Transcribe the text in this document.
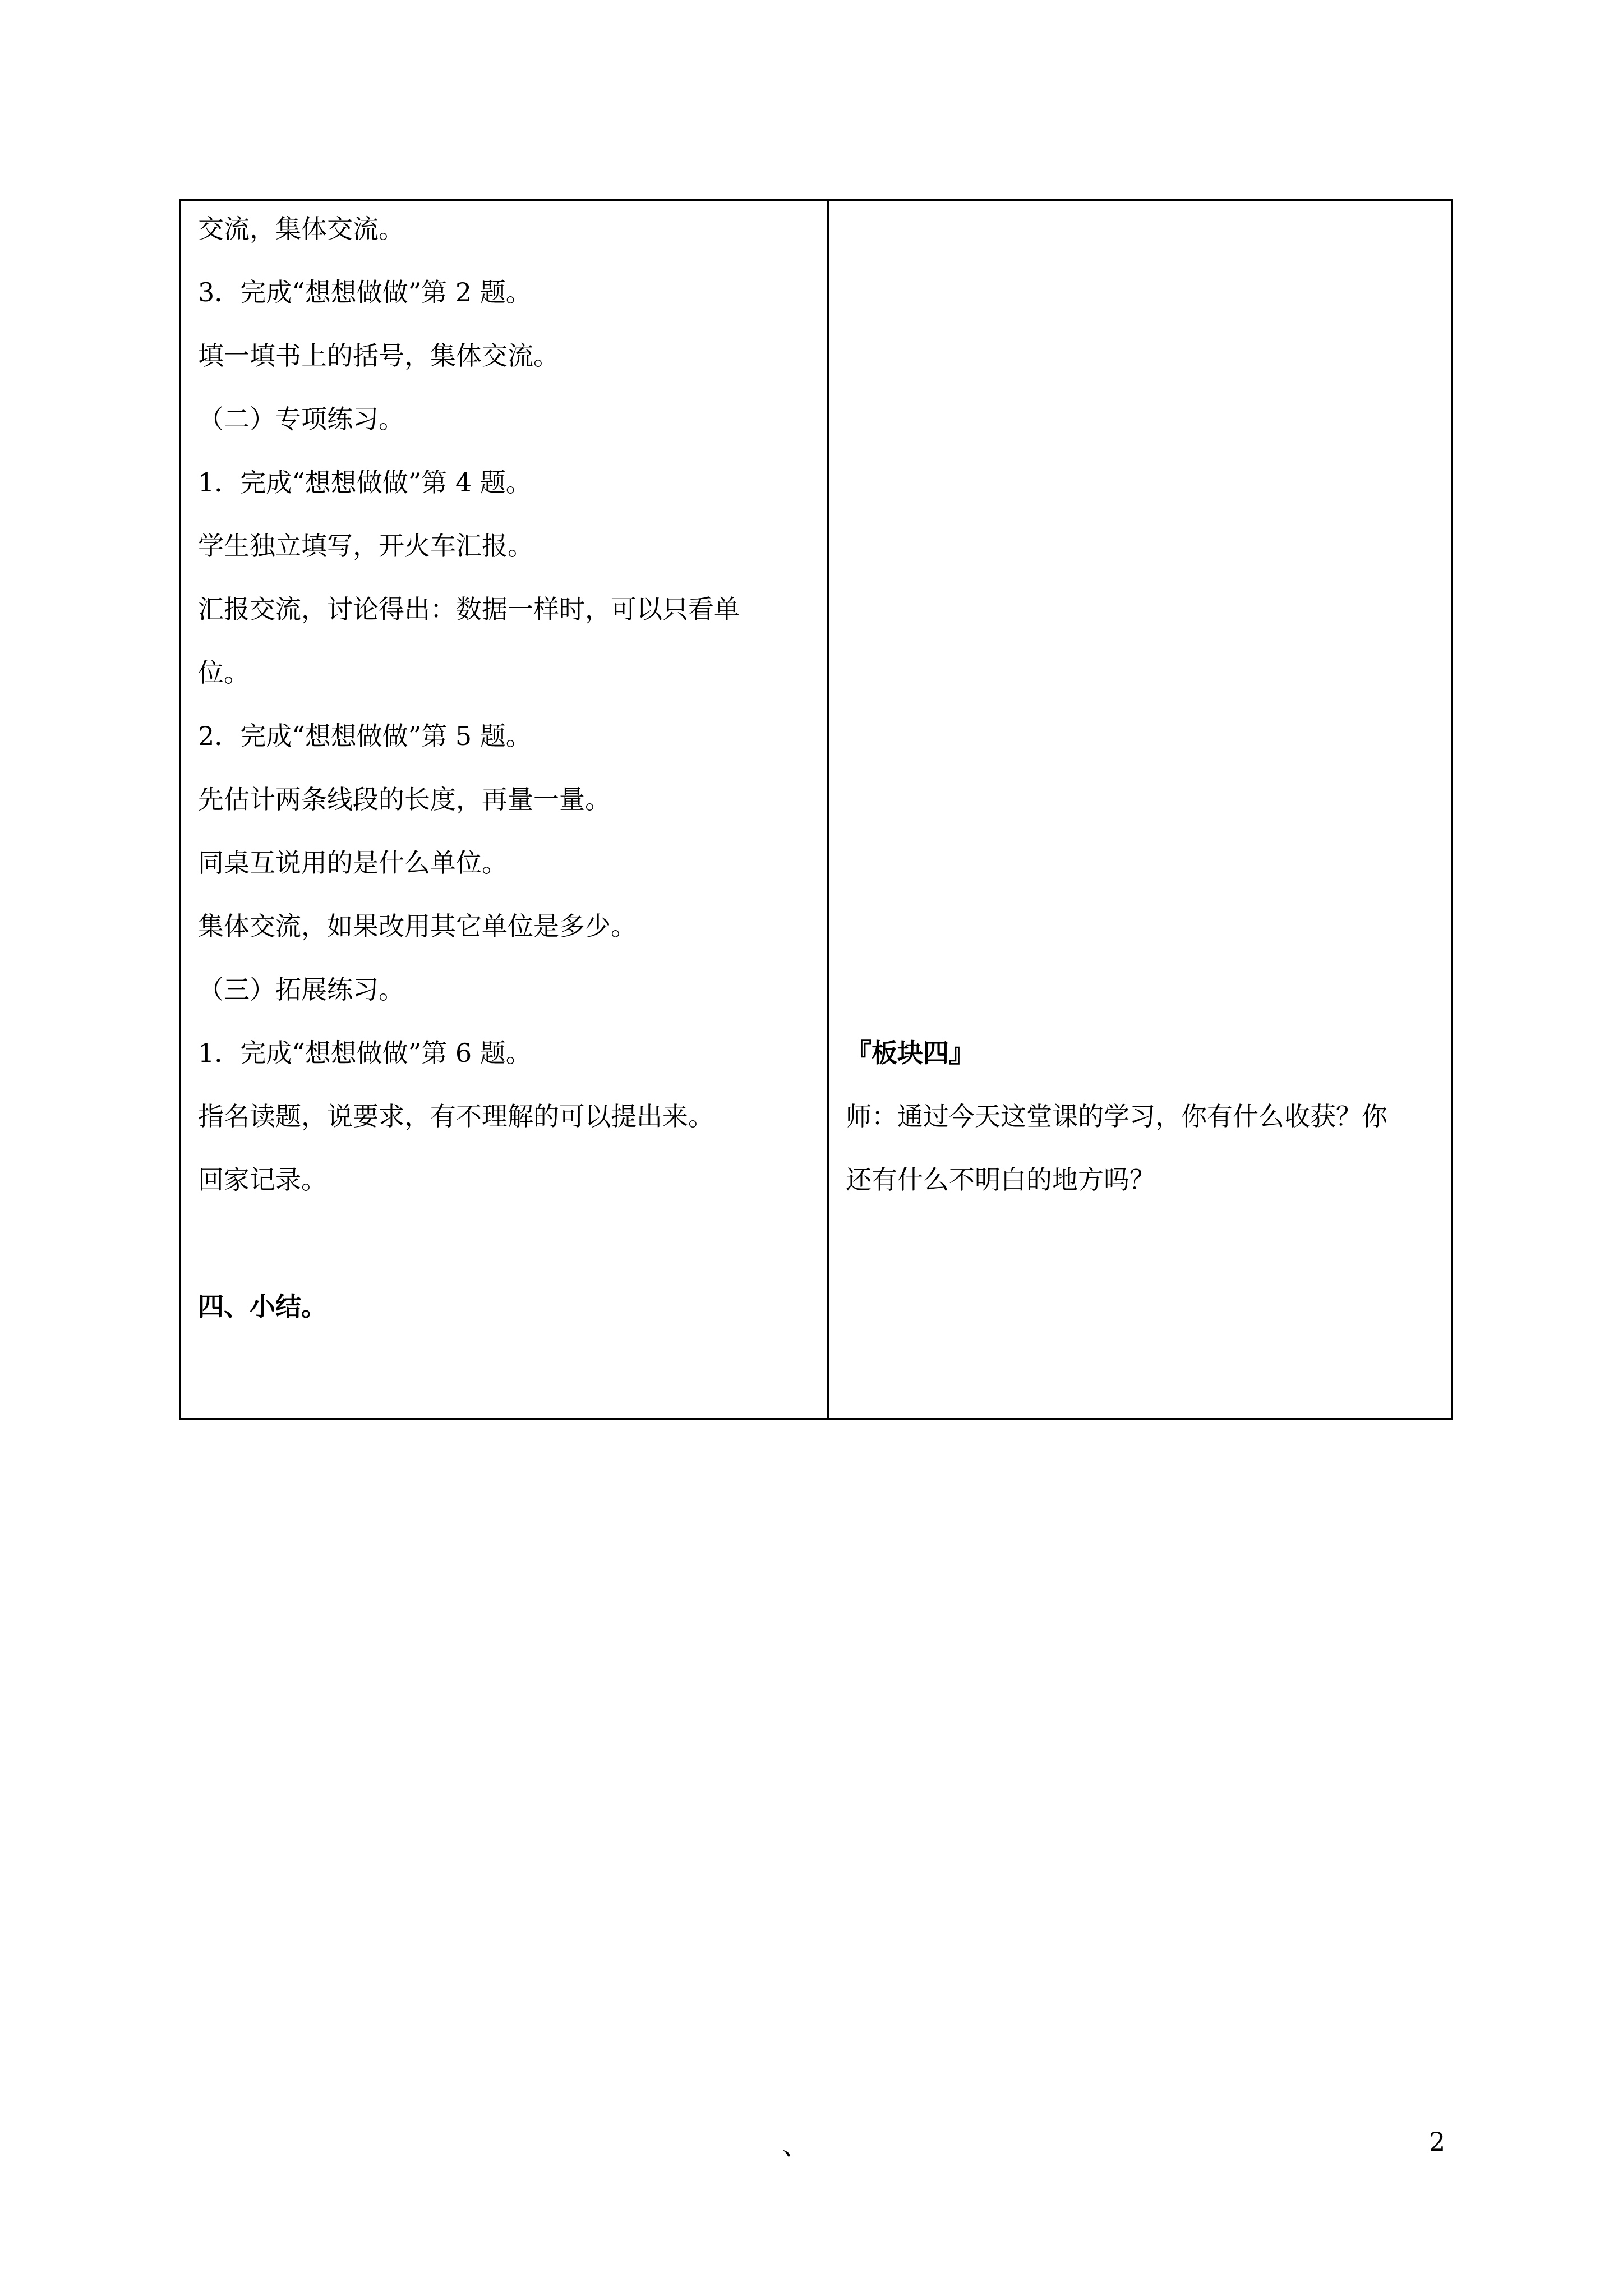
交流，集体交流。
3．完成“想想做做”第 2 题。
填一填书上的括号，集体交流。
（二）专项练习。
1．完成“想想做做”第 4 题。
学生独立填写，开火车汇报。
汇报交流，讨论得出：数据一样时，可以只看单
位。
2．完成“想想做做”第 5 题。
先估计两条线段的长度，再量一量。
同桌互说用的是什么单位。
集体交流，如果改用其它单位是多少。
（三）拓展练习。
1．完成“想想做做”第 6 题。
指名读题，说要求，有不理解的可以提出来。
回家记录。
四、小结。
『板块四』
师：通过今天这堂课的学习，你有什么收获？你
还有什么不明白的地方吗？
、	2
